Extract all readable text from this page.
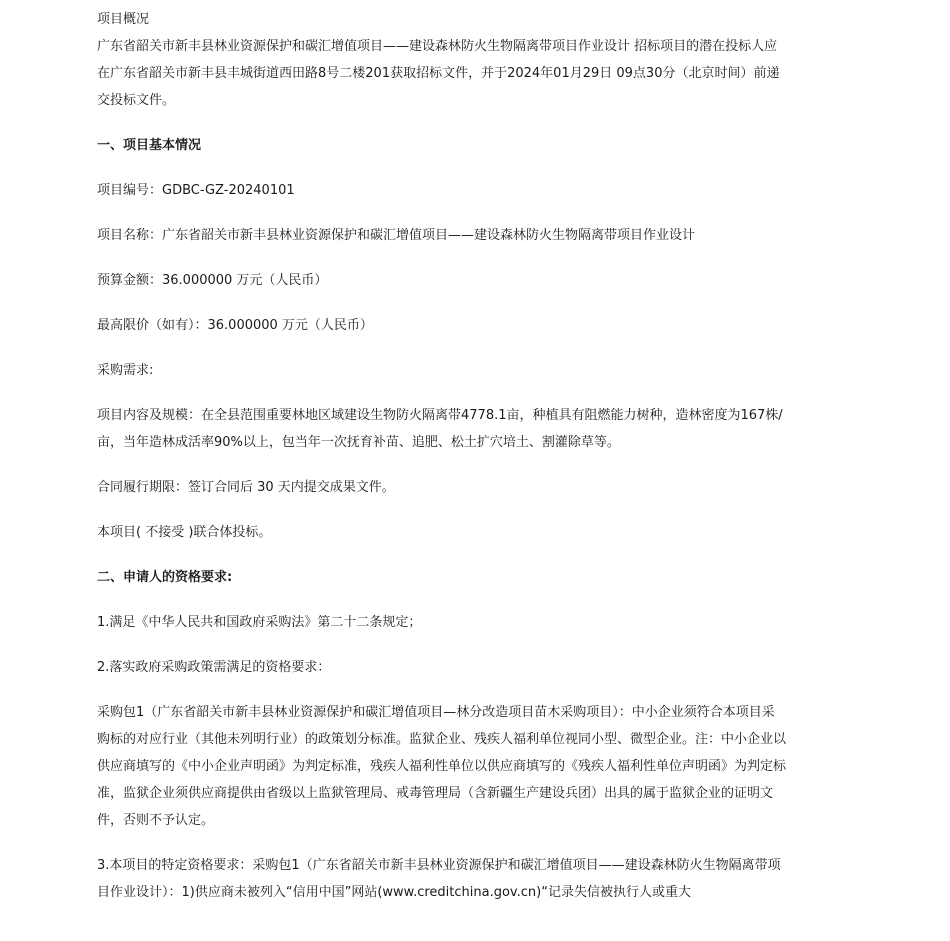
项目概况

广东省韶关市新丰县林业资源保护和碳汇增值项目——建设森林防火生物隔离带项目作业设计 招标项目的潜在投标人应在广东省韶关市新丰县丰城街道西田路8号二楼201获取招标文件，并于2024年01月29日 09点30分（北京时间）前递交投标文件。

一、项目基本情况

项目编号：GDBC-GZ-20240101

项目名称：广东省韶关市新丰县林业资源保护和碳汇增值项目——建设森林防火生物隔离带项目作业设计

预算金额：36.000000 万元（人民币）

最高限价（如有）：36.000000 万元（人民币）

采购需求:

项目内容及规模：在全县范围重要林地区域建设生物防火隔离带4778.1亩，种植具有阻燃能力树种，造林密度为167株/亩，当年造林成活率90%以上，包当年一次抚育补苗、追肥、松土扩穴培土、割灌除草等。

合同履行期限：签订合同后 30 天内提交成果文件。

本项目( 不接受 )联合体投标。

二、申请人的资格要求:

1.满足《中华人民共和国政府采购法》第二十二条规定；

2.落实政府采购政策需满足的资格要求：

采购包1（广东省韶关市新丰县林业资源保护和碳汇增值项目—林分改造项目苗木采购项目）：中小企业须符合本项目采购标的对应行业（其他未列明行业）的政策划分标准。监狱企业、残疾人福利单位视同小型、微型企业。注：中小企业以供应商填写的《中小企业声明函》为判定标准，残疾人福利性单位以供应商填写的《残疾人福利性单位声明函》为判定标准，监狱企业须供应商提供由省级以上监狱管理局、戒毒管理局（含新疆生产建设兵团）出具的属于监狱企业的证明文件，否则不予认定。

3.本项目的特定资格要求：采购包1（广东省韶关市新丰县林业资源保护和碳汇增值项目——建设森林防火生物隔离带项目作业设计）：1)供应商未被列入“信用中国”网站(www.creditchina.gov.cn)“记录失信被执行人或重大
